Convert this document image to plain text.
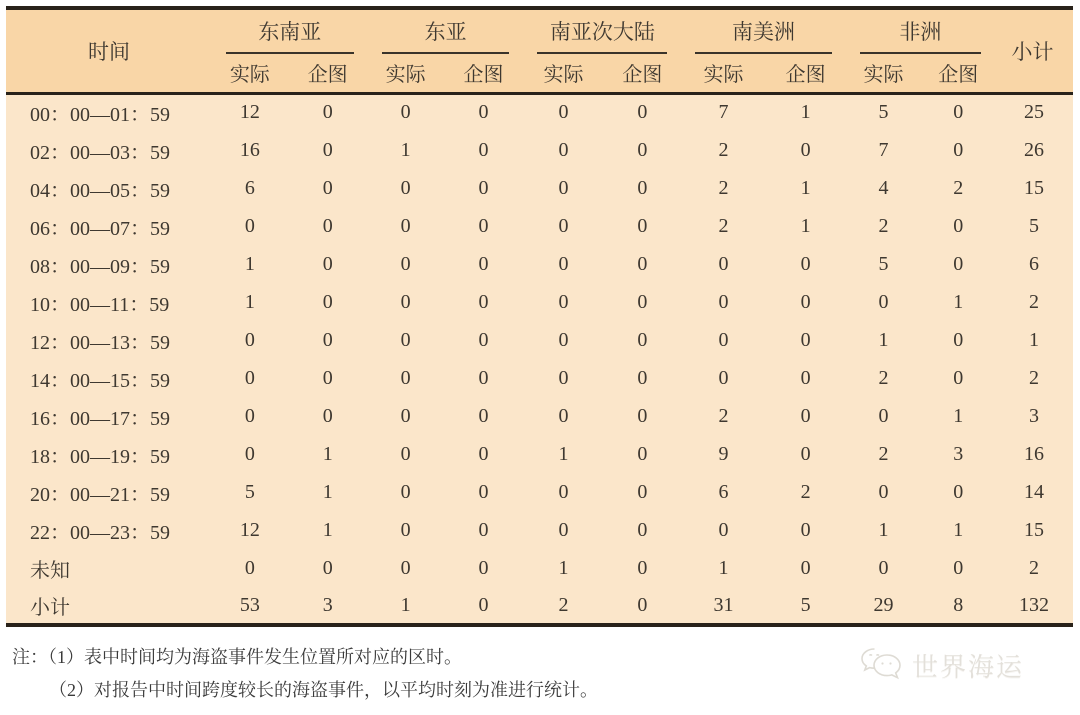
时间	东南亚		东亚		南亚次大陆		南美洲		非洲		小计
	实际	企图	实际	企图	实际	企图	实际	企图	实际	企图	
00：00—01：59	12	0	0	0	0	0	7	1	5	0	25
02：00—03：59	16	0	1	0	0	0	2	0	7	0	26
04：00—05：59	6	0	0	0	0	0	2	1	4	2	15
06：00—07：59	0	0	0	0	0	0	2	1	2	0	5
08：00—09：59	1	0	0	0	0	0	0	0	5	0	6
10：00—11：59	1	0	0	0	0	0	0	0	0	1	2
12：00—13：59	0	0	0	0	0	0	0	0	1	0	1
14：00—15：59	0	0	0	0	0	0	0	0	2	0	2
16：00—17：59	0	0	0	0	0	0	2	0	0	1	3
18：00—19：59	0	1	0	0	1	0	9	0	2	3	16
20：00—21：59	5	1	0	0	0	0	6	2	0	0	14
22：00—23：59	12	1	0	0	0	0	0	0	1	1	15
未知	0	0	0	0	1	0	1	0	0	0	2
小计	53	3	1	0	2	0	31	5	29	8	132
注：（1）表中时间均为海盗事件发生位置所对应的区时。
（2）对报告中时间跨度较长的海盗事件，以平均时刻为准进行统计。
世界海运
